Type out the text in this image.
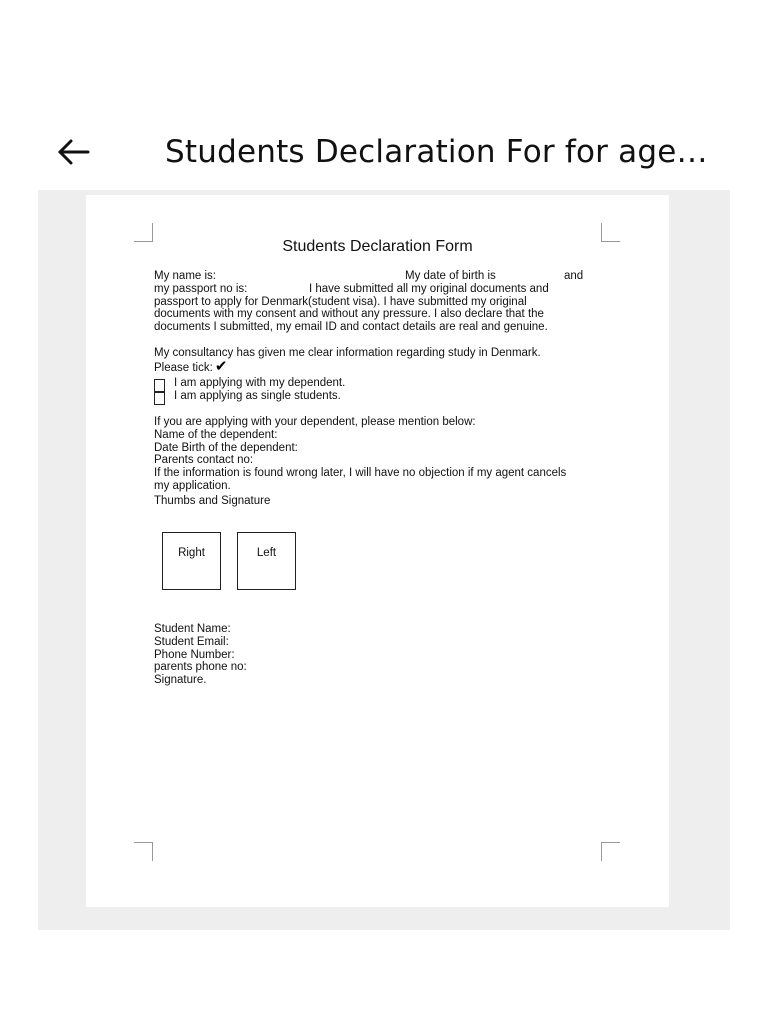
Students Declaration For for age…
Students Declaration Form
My name is:	My date of birth is	and
my passport no is:	I have submitted all my original documents and
passport to apply for Denmark(student visa). I have submitted my original
documents with my consent and without any pressure. I also declare that the
documents I submitted, my email ID and contact details are real and genuine.
My consultancy has given me clear information regarding study in Denmark.
Please tick: ✔
I am applying with my dependent.
I am applying as single students.
If you are applying with your dependent, please mention below:
Name of the dependent:
Date Birth of the dependent:
Parents contact no:
If the information is found wrong later, I will have no objection if my agent cancels
my application.
Thumbs and Signature
Right	Left
Student Name:
Student Email:
Phone Number:
parents phone no:
Signature.
